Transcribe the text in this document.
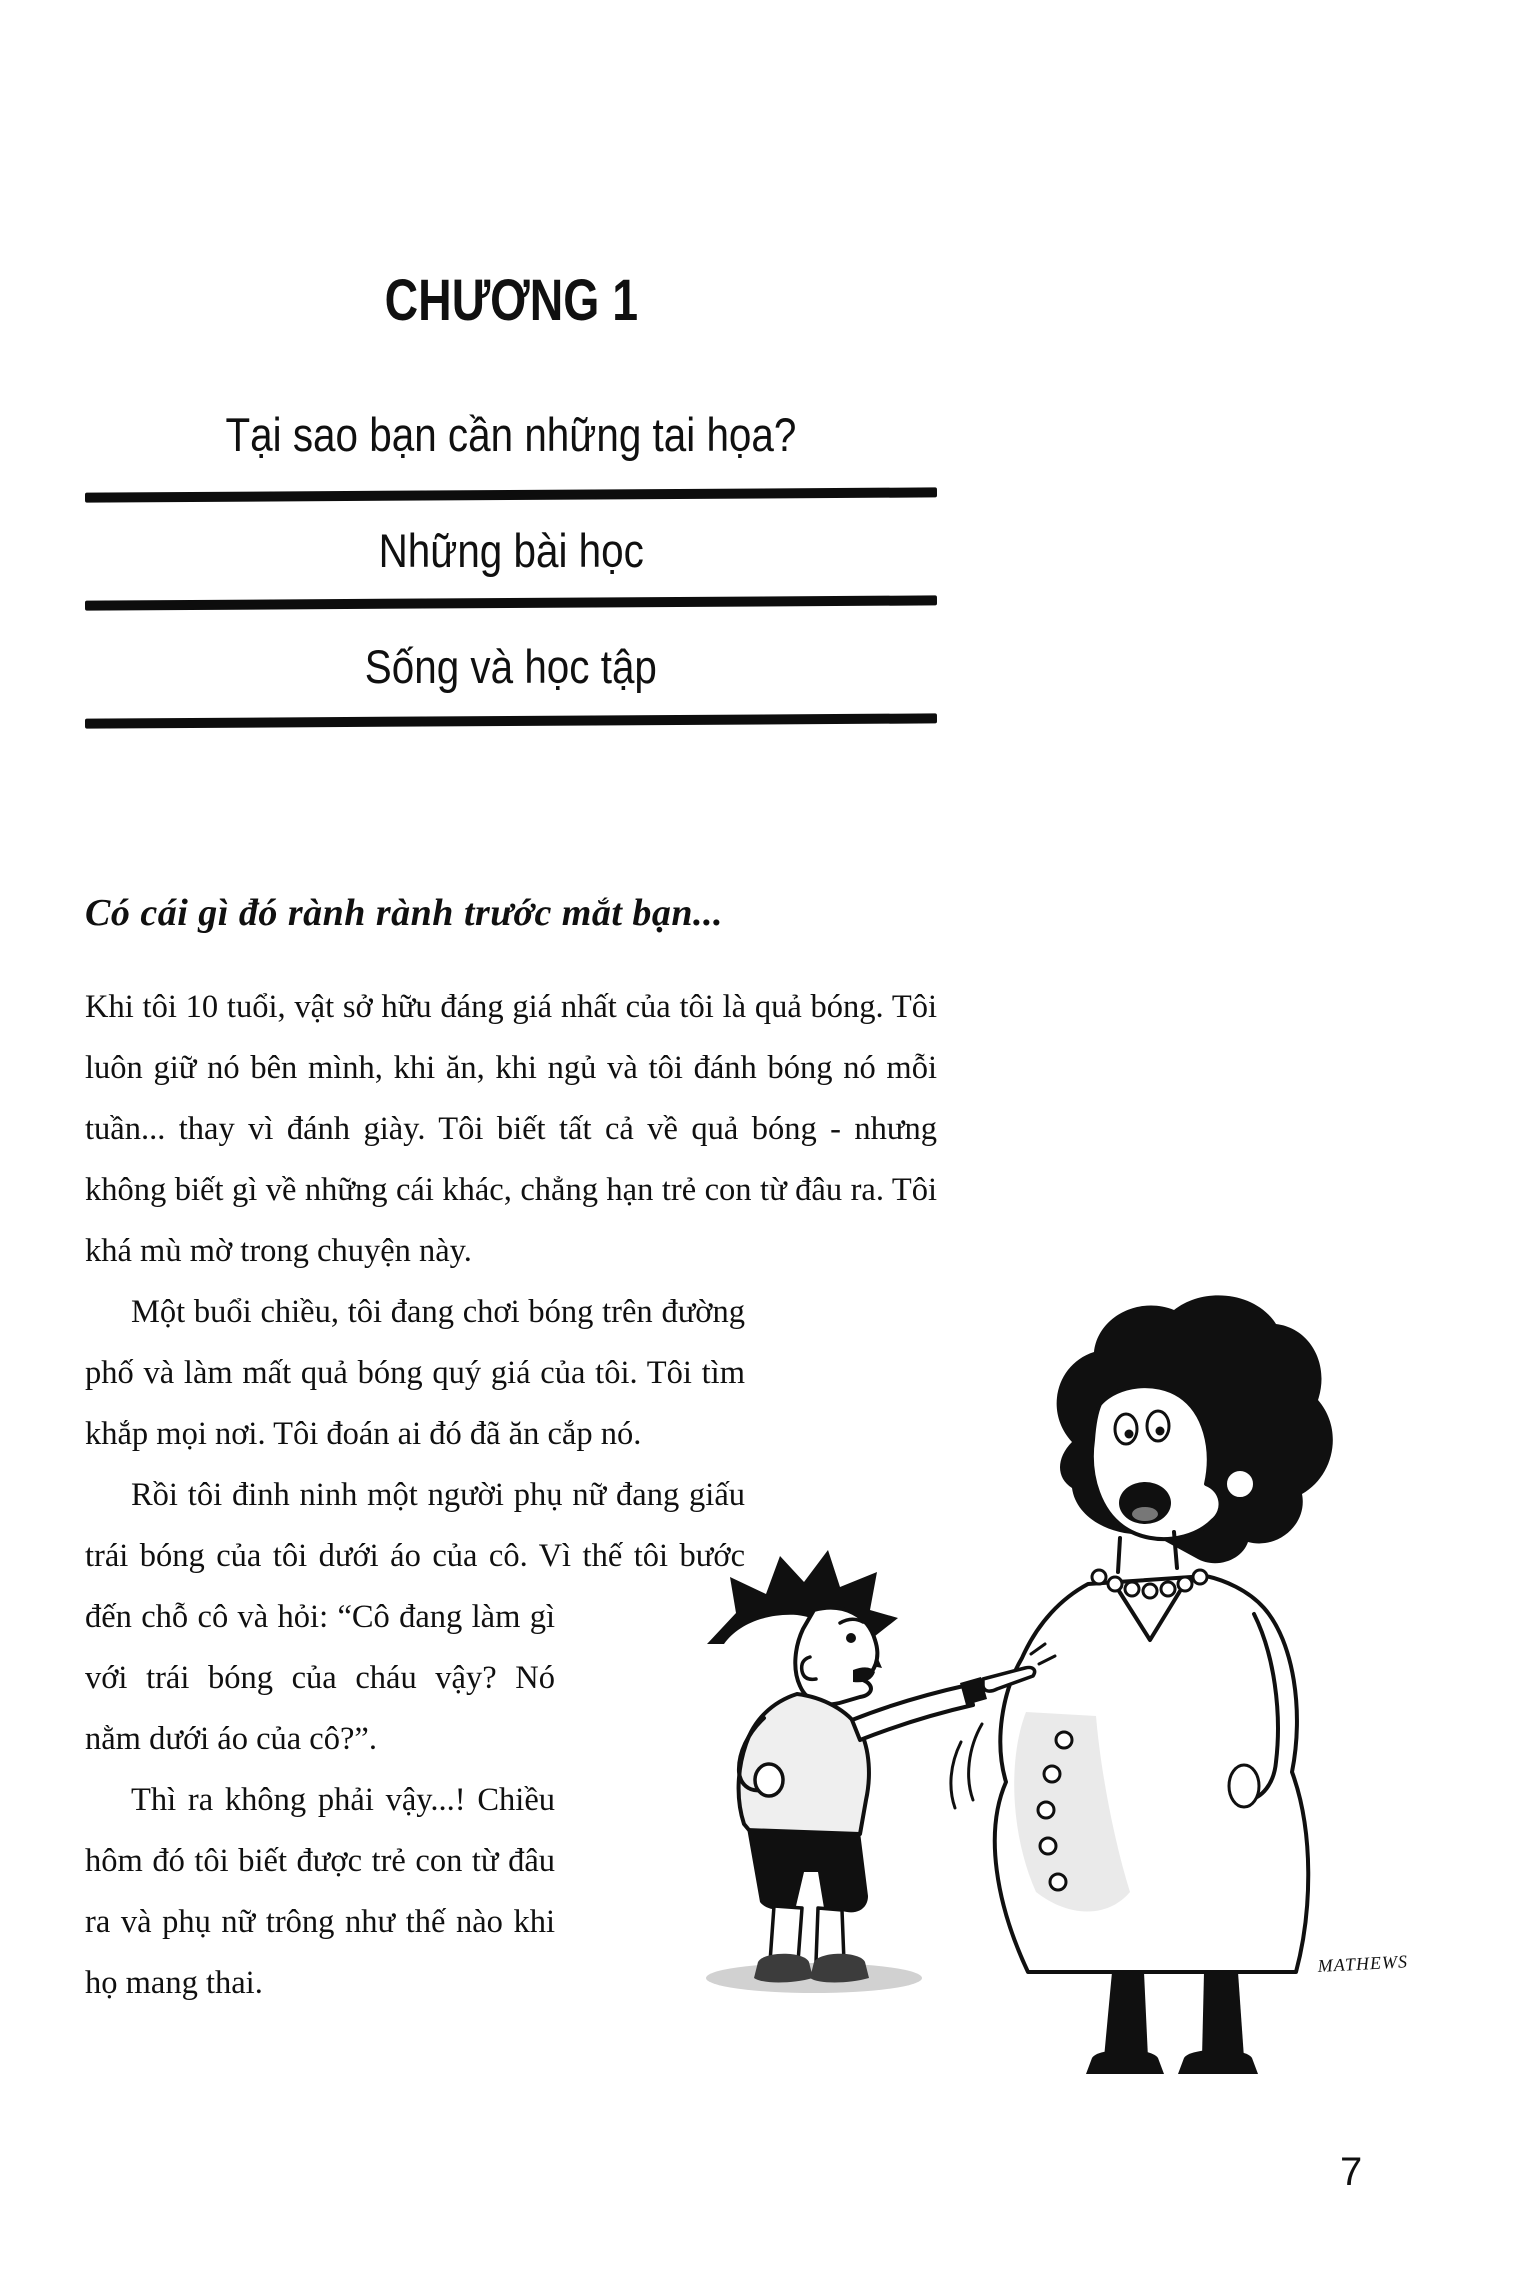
CHƯƠNG 1
Tại sao bạn cần những tai họa?
Những bài học
Sống và học tập
Có cái gì đó rành rành trước mắt bạn...

Khi tôi 10 tuổi, vật sở hữu đáng giá nhất của tôi là quả bóng. Tôi luôn giữ nó bên mình, khi ăn, khi ngủ và tôi đánh bóng nó mỗi tuần... thay vì đánh giày. Tôi biết tất cả về quả bóng - nhưng không biết gì về những cái khác, chẳng hạn trẻ con từ đâu ra. Tôi khá mù mờ trong chuyện này.

Một buổi chiều, tôi đang chơi bóng trên đường phố và làm mất quả bóng quý giá của tôi. Tôi tìm khắp mọi nơi. Tôi đoán ai đó đã ăn cắp nó.

Rồi tôi đinh ninh một người phụ nữ đang giấu trái bóng của tôi dưới áo của cô. Vì thế tôi bước đến chỗ cô và hỏi: “Cô đang làm gì với trái bóng của cháu vậy? Nó nằm dưới áo của cô?”.

Thì ra không phải vậy...! Chiều hôm đó tôi biết được trẻ con từ đâu ra và phụ nữ trông như thế nào khi họ mang thai.

MATHEWS
7
